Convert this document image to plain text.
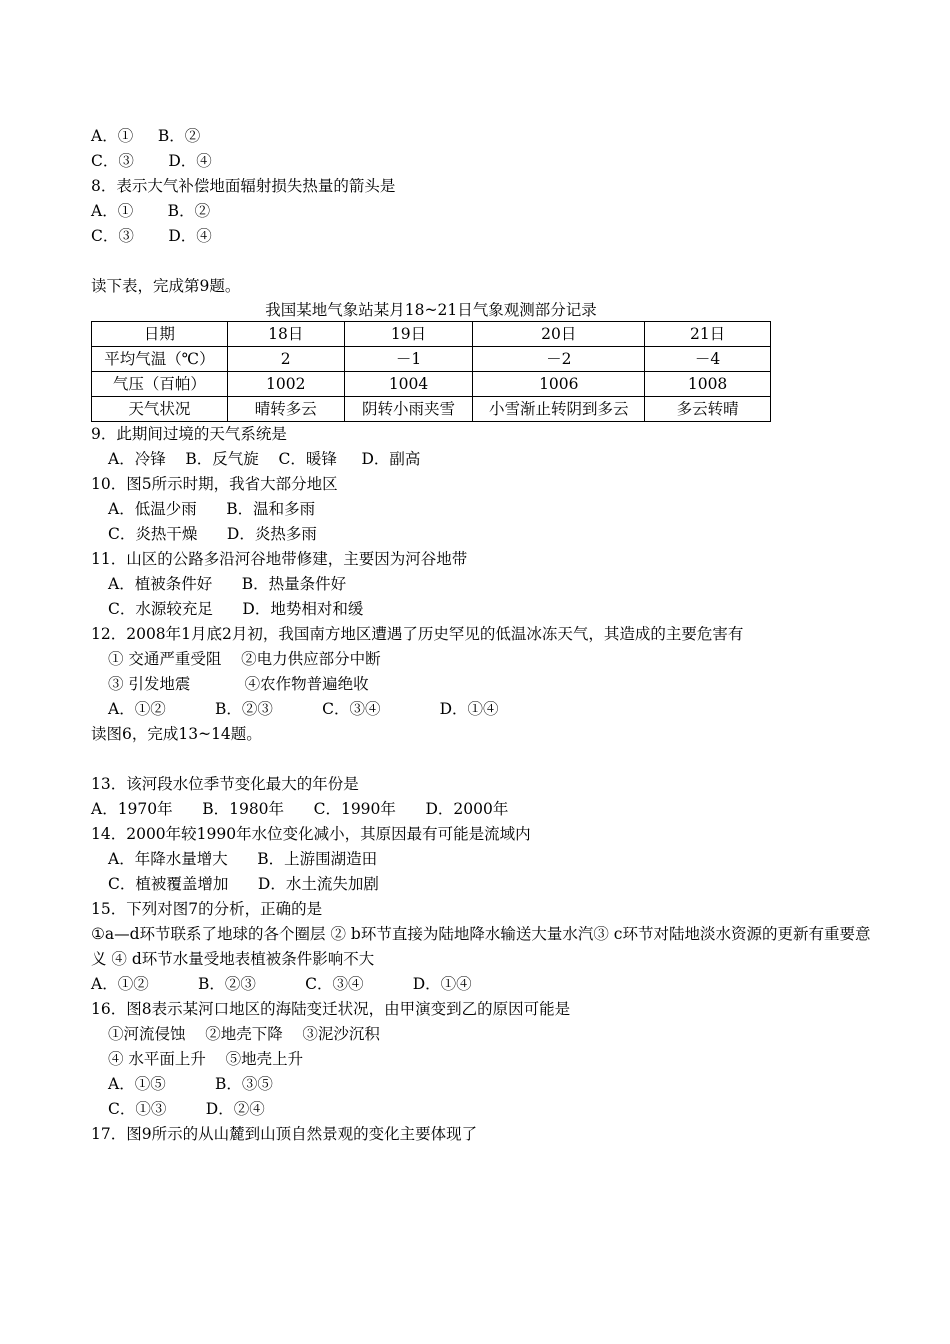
A．①     B．②
C．③       D．④
8．表示大气补偿地面辐射损失热量的箭头是
A．①       B．②
C．③       D．④
读下表，完成第9题。
我国某地气象站某月18~21日气象观测部分记录
日期	18日	19日	20日	21日
平均气温（℃）	2	－1	－2	－4
气压（百帕）	1002	1004	1006	1008
天气状况	晴转多云	阴转小雨夹雪	小雪渐止转阴到多云	多云转晴
9．此期间过境的天气系统是
A．冷锋    B．反气旋    C．暖锋     D．副高
10．图5所示时期，我省大部分地区
A．低温少雨      B．温和多雨
C．炎热干燥      D．炎热多雨
11．山区的公路多沿河谷地带修建，主要因为河谷地带
A．植被条件好      B．热量条件好
C．水源较充足      D．地势相对和缓
12．2008年1月底2月初，我国南方地区遭遇了历史罕见的低温冰冻天气，其造成的主要危害有
① 交通严重受阻    ②电力供应部分中断
③ 引发地震           ④农作物普遍绝收
A．①②          B．②③          C．③④            D．①④
读图6，完成13~14题。
13．该河段水位季节变化最大的年份是
A．1970年      B．1980年      C．1990年      D．2000年
14．2000年较1990年水位变化减小，其原因最有可能是流域内
A．年降水量增大      B．上游围湖造田
C．植被覆盖增加      D．水土流失加剧
15．下列对图7的分析，正确的是
①a—d环节联系了地球的各个圈层 ② b环节直接为陆地降水输送大量水汽③ c环节对陆地淡水资源的更新有重要意义 ④ d环节水量受地表植被条件影响不大
A．①②          B．②③          C．③④          D．①④
16．图8表示某河口地区的海陆变迁状况，由甲演变到乙的原因可能是
①河流侵蚀    ②地壳下降    ③泥沙沉积
④ 水平面上升    ⑤地壳上升
A．①⑤          B．③⑤
C．①③        D．②④
17．图9所示的从山麓到山顶自然景观的变化主要体现了
